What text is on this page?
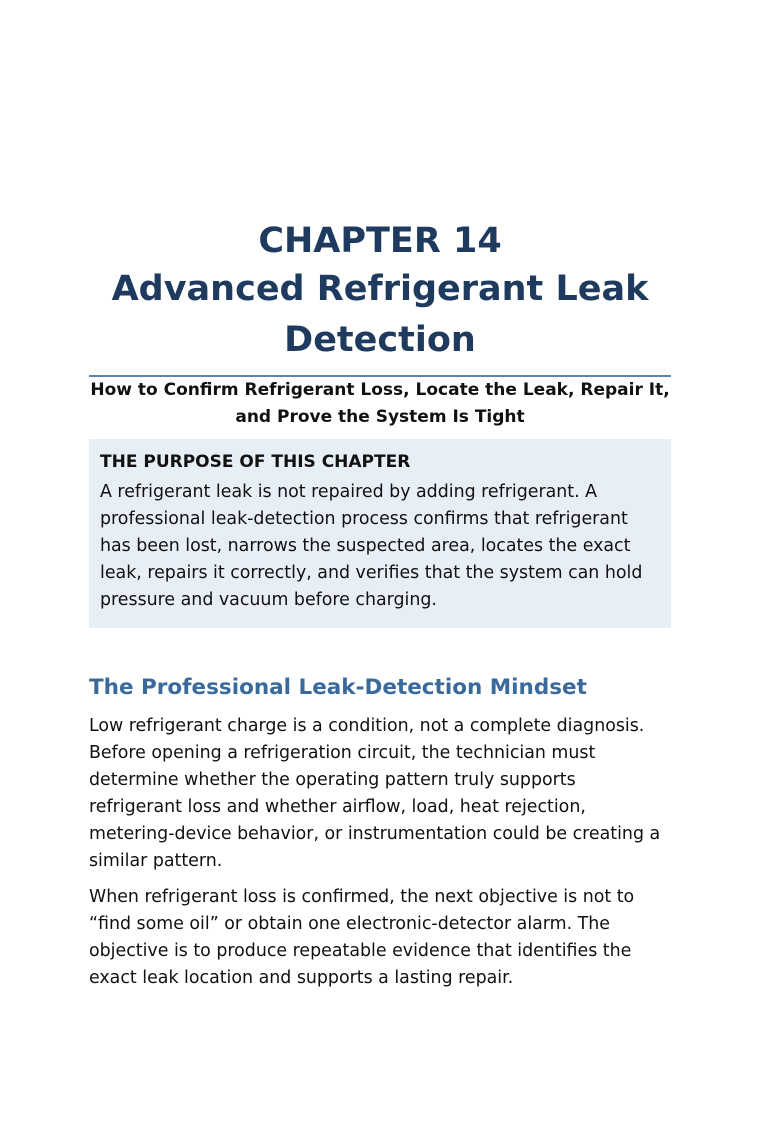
CHAPTER 14
Advanced Refrigerant Leak Detection
How to Confirm Refrigerant Loss, Locate the Leak, Repair It, and Prove the System Is Tight
THE PURPOSE OF THIS CHAPTER

A refrigerant leak is not repaired by adding refrigerant. A professional leak-detection process confirms that refrigerant has been lost, narrows the suspected area, locates the exact leak, repairs it correctly, and verifies that the system can hold pressure and vacuum before charging.

The Professional Leak-Detection Mindset

Low refrigerant charge is a condition, not a complete diagnosis. Before opening a refrigeration circuit, the technician must determine whether the operating pattern truly supports refrigerant loss and whether airflow, load, heat rejection, metering-device behavior, or instrumentation could be creating a similar pattern.

When refrigerant loss is confirmed, the next objective is not to “find some oil” or obtain one electronic-detector alarm. The objective is to produce repeatable evidence that identifies the exact leak location and supports a lasting repair.
